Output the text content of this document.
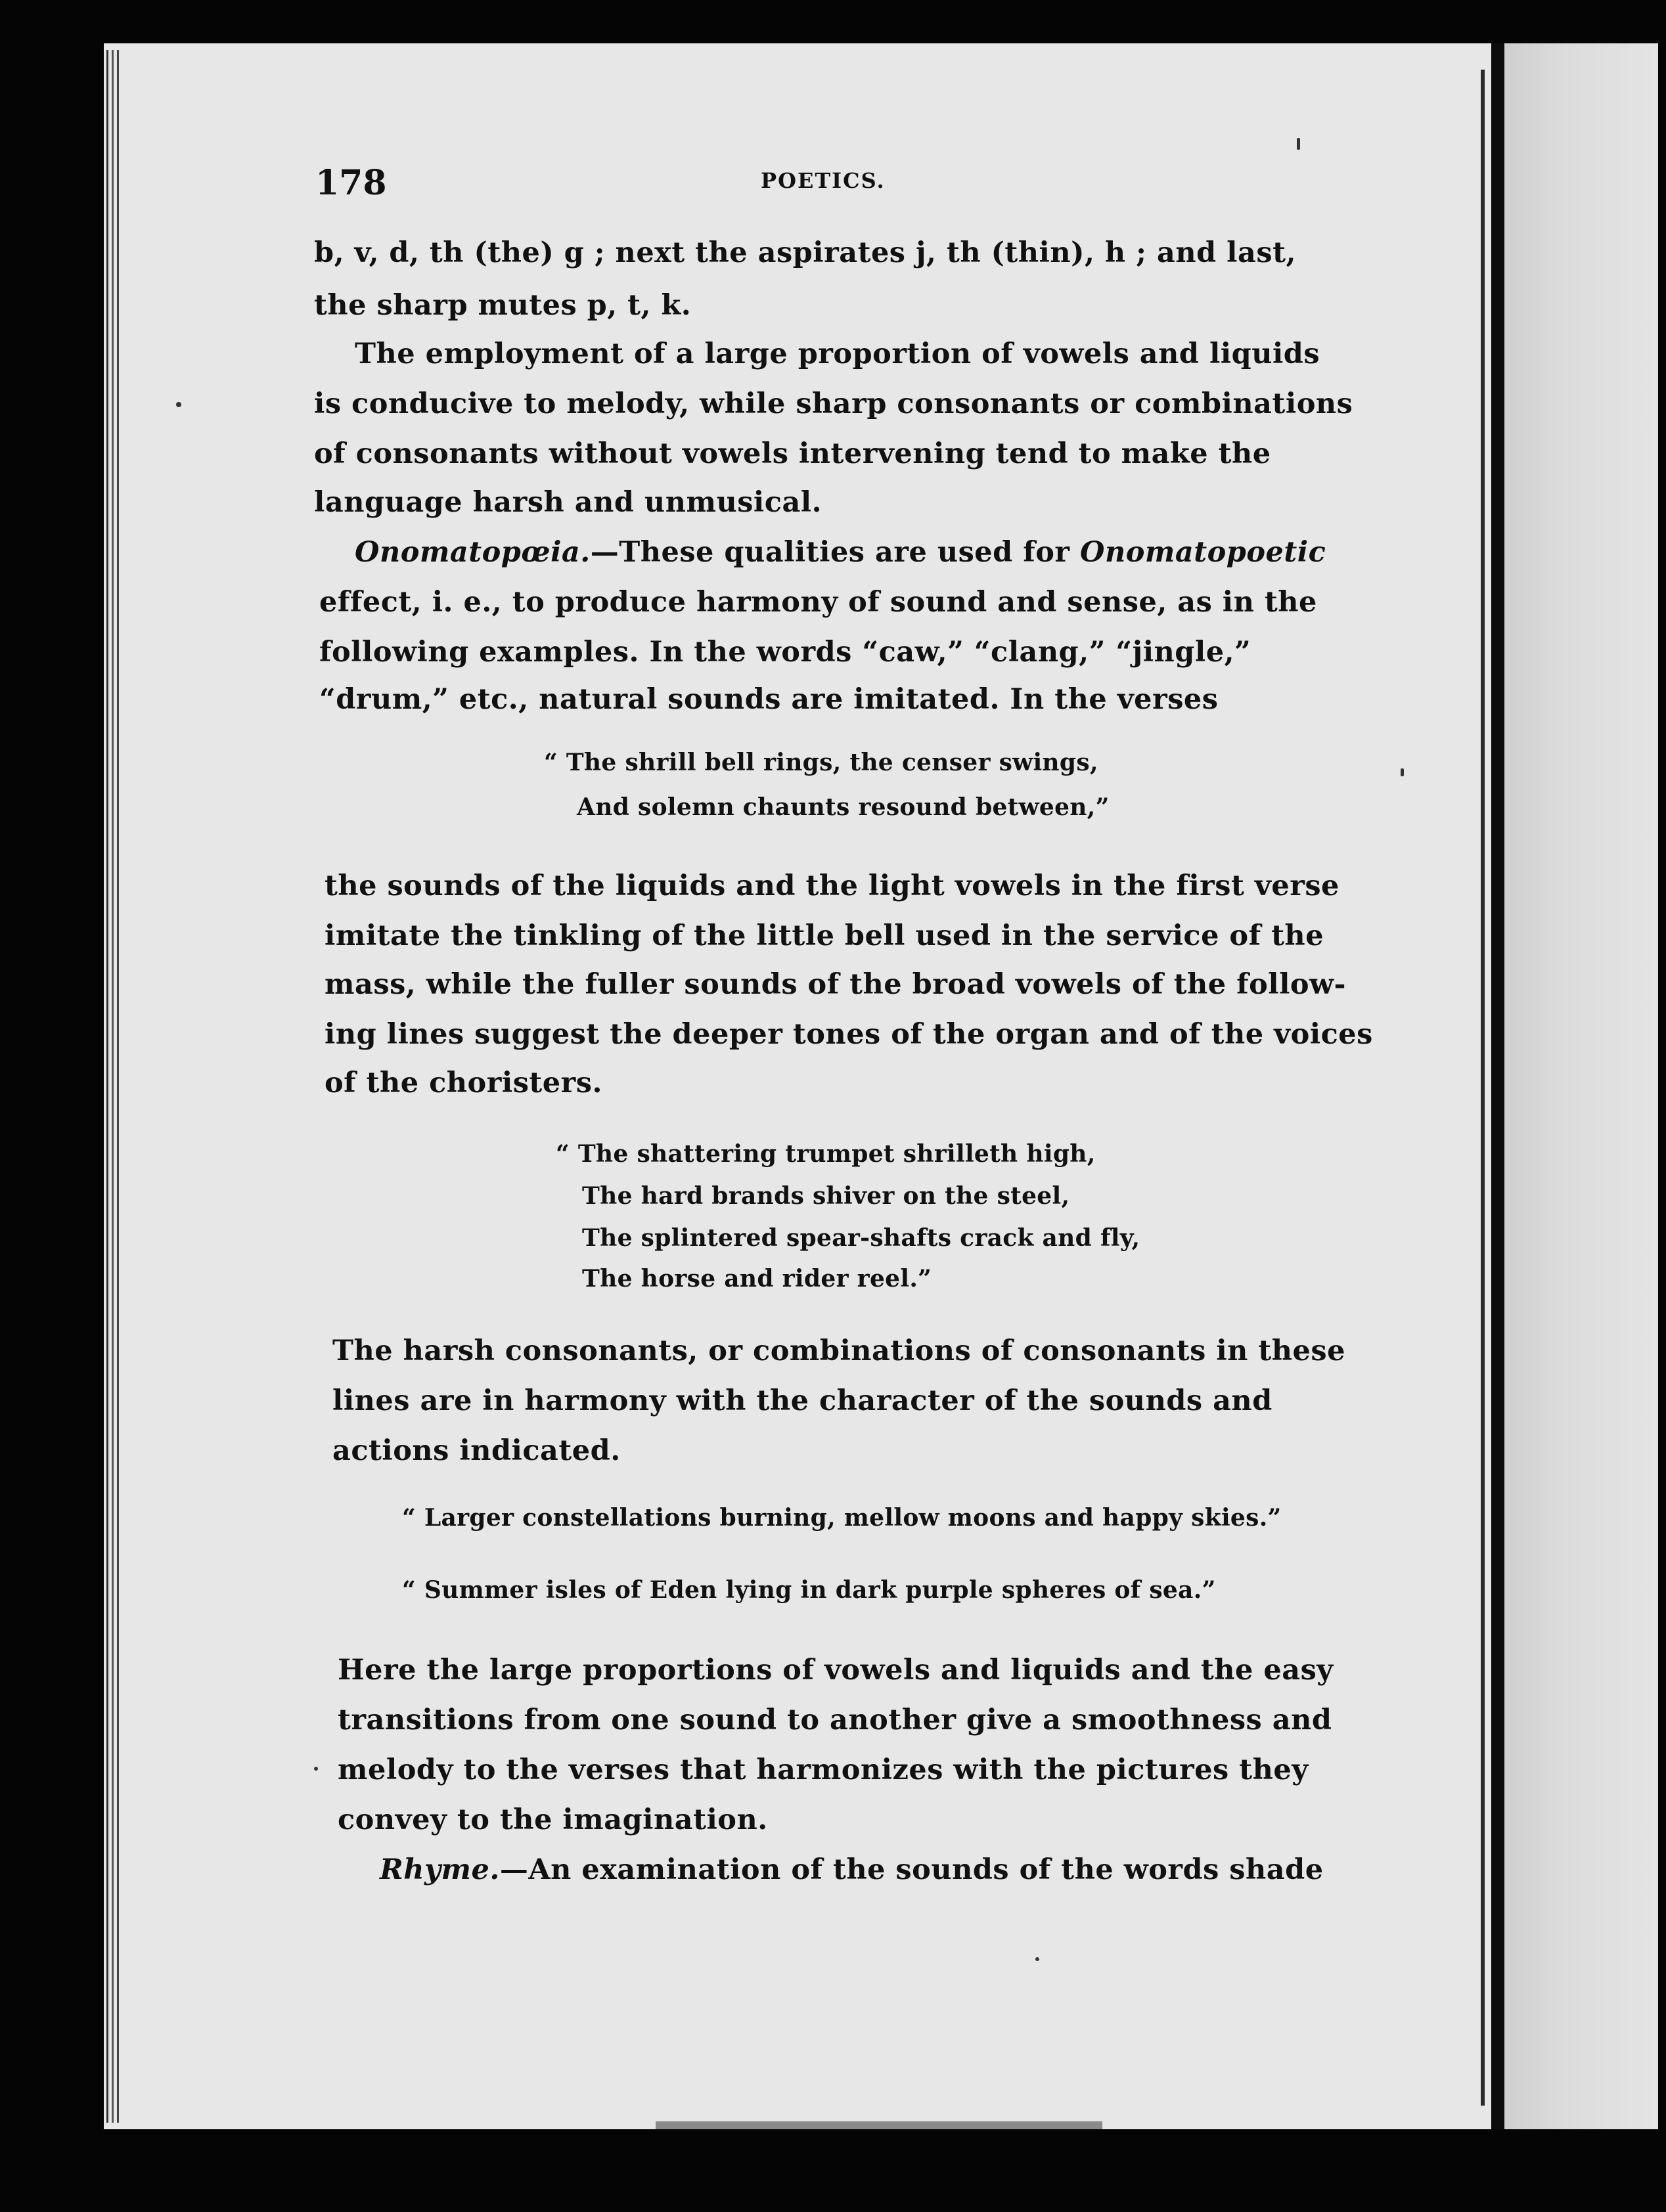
178	POETICS.
b, v, d, th (the) g ; next the aspirates j, th (thin), h ; and last,
the sharp mutes p, t, k.
The employment of a large proportion of vowels and liquids
is conducive to melody, while sharp consonants or combinations
of consonants without vowels intervening tend to make the
language harsh and unmusical.
Onomatopœia.—These qualities are used for Onomatopoetic
effect, i. e., to produce harmony of sound and sense, as in the
following examples. In the words “caw,” “clang,” “jingle,”
“drum,” etc., natural sounds are imitated. In the verses
“ The shrill bell rings, the censer swings,
And solemn chaunts resound between,”
the sounds of the liquids and the light vowels in the first verse
imitate the tinkling of the little bell used in the service of the
mass, while the fuller sounds of the broad vowels of the follow-
ing lines suggest the deeper tones of the organ and of the voices
of the choristers.
“ The shattering trumpet shrilleth high,
The hard brands shiver on the steel,
The splintered spear-shafts crack and fly,
The horse and rider reel.”
The harsh consonants, or combinations of consonants in these
lines are in harmony with the character of the sounds and
actions indicated.
“ Larger constellations burning, mellow moons and happy skies.”
“ Summer isles of Eden lying in dark purple spheres of sea.”
Here the large proportions of vowels and liquids and the easy
transitions from one sound to another give a smoothness and
melody to the verses that harmonizes with the pictures they
convey to the imagination.
Rhyme.—An examination of the sounds of the words shade
